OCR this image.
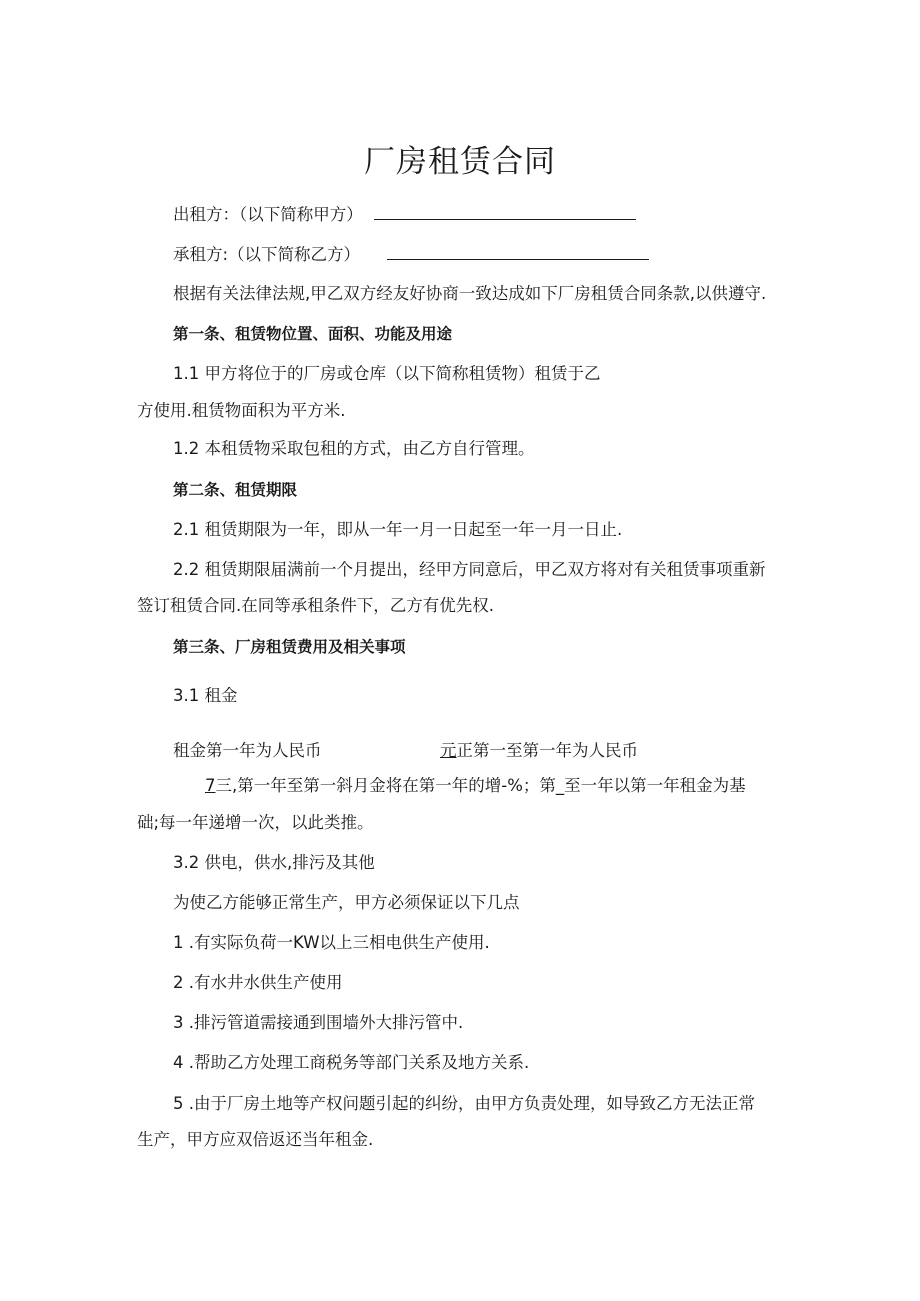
厂房租赁合同

出租方：（以下简称甲方）

承租方:（以下简称乙方）

根据有关法律法规,甲乙双方经友好协商一致达成如下厂房租赁合同条款,以供遵守.

第一条、租赁物位置、面积、功能及用途

1.1 甲方将位于的厂房或仓库（以下简称租赁物）租赁于乙

方使用.租赁物面积为平方米.

1.2 本租赁物采取包租的方式，由乙方自行管理。

第二条、租赁期限

2.1 租赁期限为一年，即从一年一月一日起至一年一月一日止.

2.2 租赁期限届满前一个月提出，经甲方同意后，甲乙双方将对有关租赁事项重新

签订租赁合同.在同等承租条件下，乙方有优先权.

第三条、厂房租赁费用及相关事项

3.1 租金

租金第一年为人民币	元正第一至第一年为人民币

7三,第一年至第一斜月金将在第一年的增-%；第_至一年以第一年租金为基

础;每一年递增一次，以此类推。

3.2 供电，供水,排污及其他

为使乙方能够正常生产，甲方必须保证以下几点

1 .有实际负荷一KW以上三相电供生产使用.

2 .有水井水供生产使用

3 .排污管道需接通到围墙外大排污管中.

4 .帮助乙方处理工商税务等部门关系及地方关系.

5 .由于厂房土地等产权问题引起的纠纷，由甲方负责处理，如导致乙方无法正常

生产，甲方应双倍返还当年租金.
